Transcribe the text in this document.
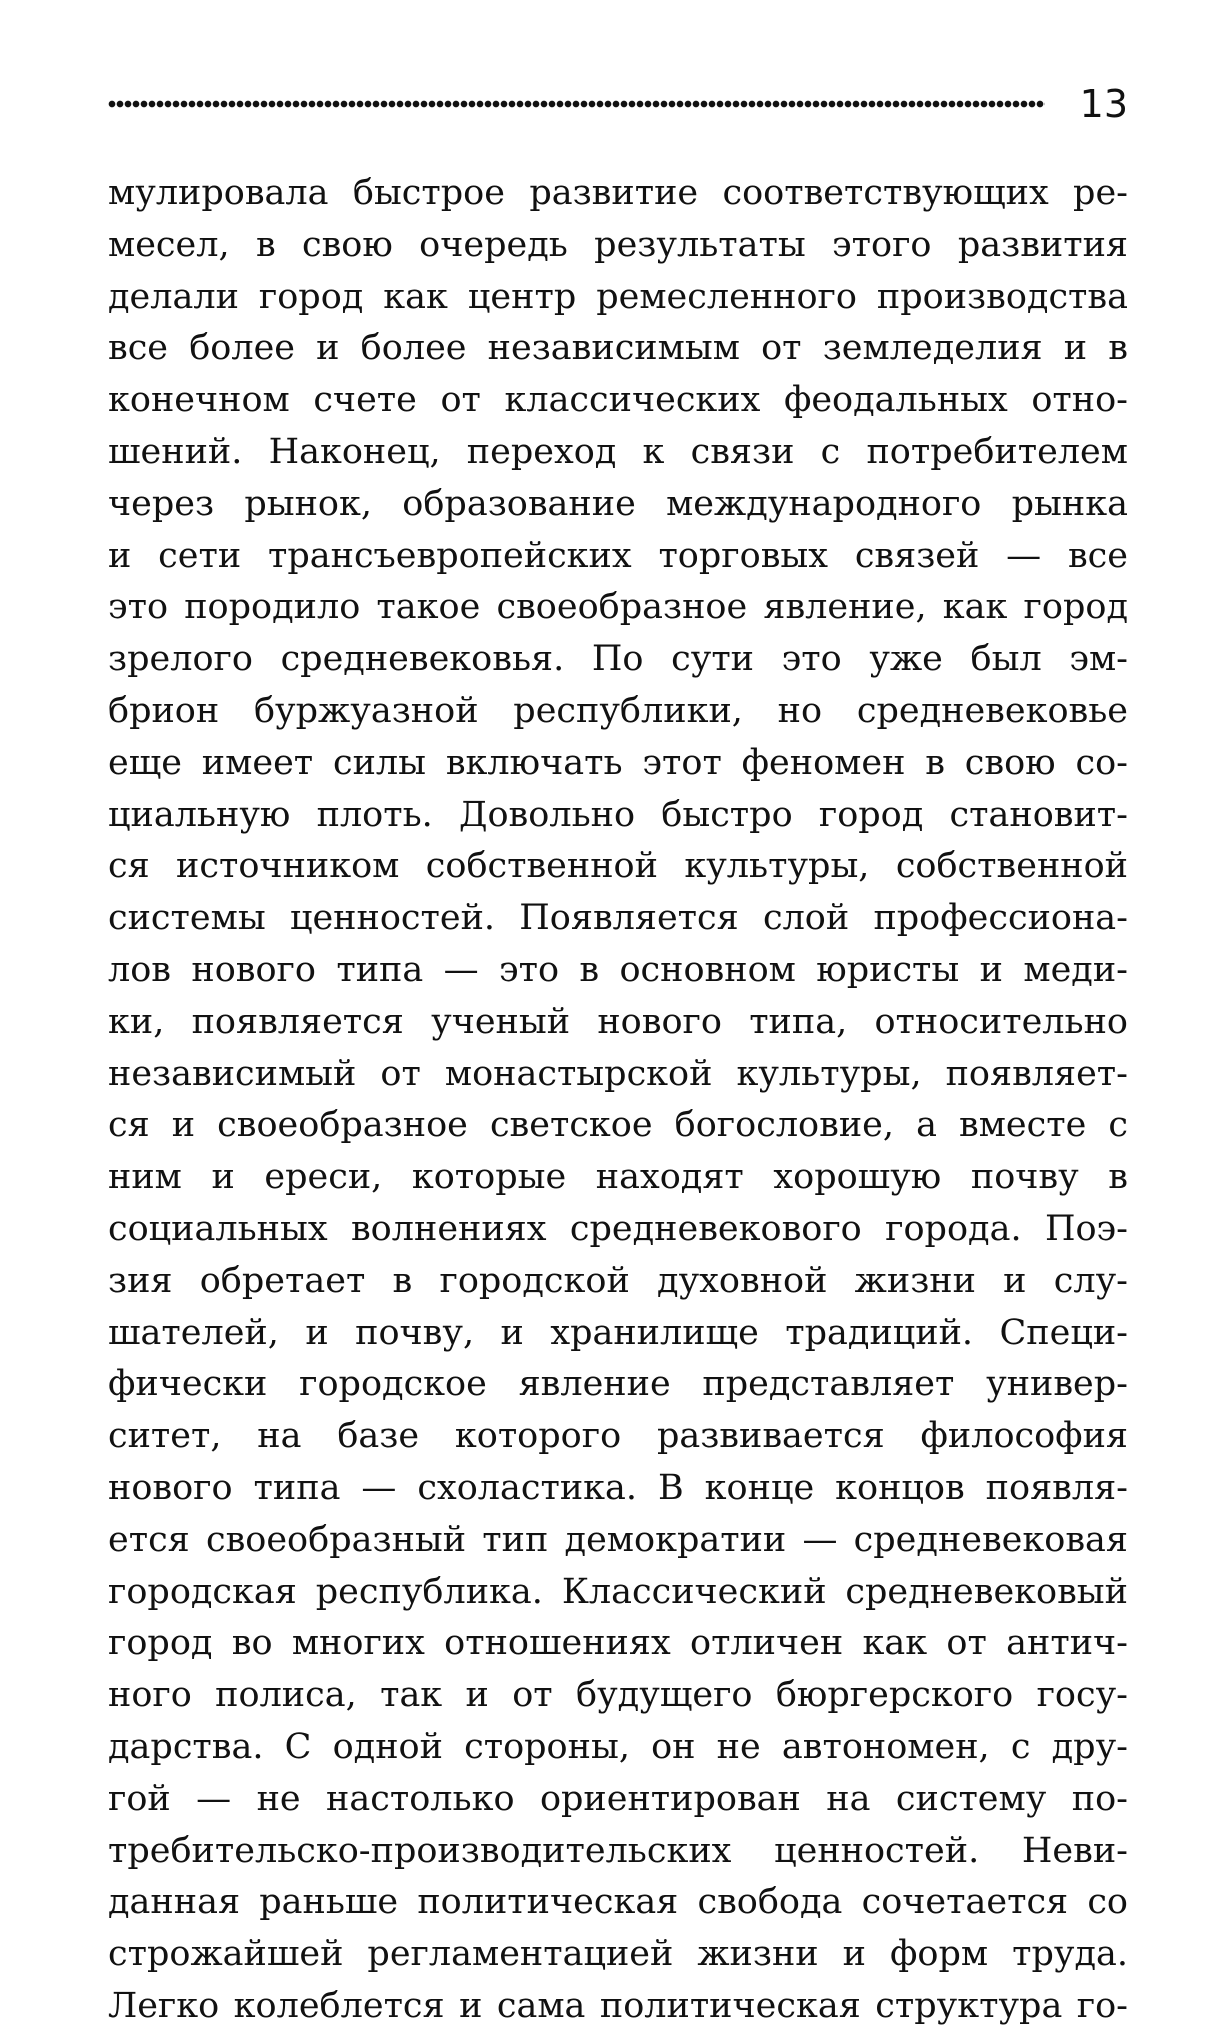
13
мулировала быстрое развитие соответствующих ре-
месел, в свою очередь результаты этого развития
делали город как центр ремесленного производства
все более и более независимым от земледелия и в
конечном счете от классических феодальных отно-
шений. Наконец, переход к связи с потребителем
через рынок, образование международного рынка
и сети трансъевропейских торговых связей — все
это породило такое своеобразное явление, как город
зрелого средневековья. По сути это уже был эм-
брион буржуазной республики, но средневековье
еще имеет силы включать этот феномен в свою со-
циальную плоть. Довольно быстро город становит-
ся источником собственной культуры, собственной
системы ценностей. Появляется слой профессиона-
лов нового типа — это в основном юристы и меди-
ки, появляется ученый нового типа, относительно
независимый от монастырской культуры, появляет-
ся и своеобразное светское богословие, а вместе с
ним и ереси, которые находят хорошую почву в
социальных волнениях средневекового города. Поэ-
зия обретает в городской духовной жизни и слу-
шателей, и почву, и хранилище традиций. Специ-
фически городское явление представляет универ-
ситет, на базе которого развивается философия
нового типа — схоластика. В конце концов появля-
ется своеобразный тип демократии — средневековая
городская республика. Классический средневековый
город во многих отношениях отличен как от антич-
ного полиса, так и от будущего бюргерского госу-
дарства. С одной стороны, он не автономен, с дру-
гой — не настолько ориентирован на систему по-
требительско-производительских ценностей. Неви-
данная раньше политическая свобода сочетается со
строжайшей регламентацией жизни и форм труда.
Легко колеблется и сама политическая структура го-
